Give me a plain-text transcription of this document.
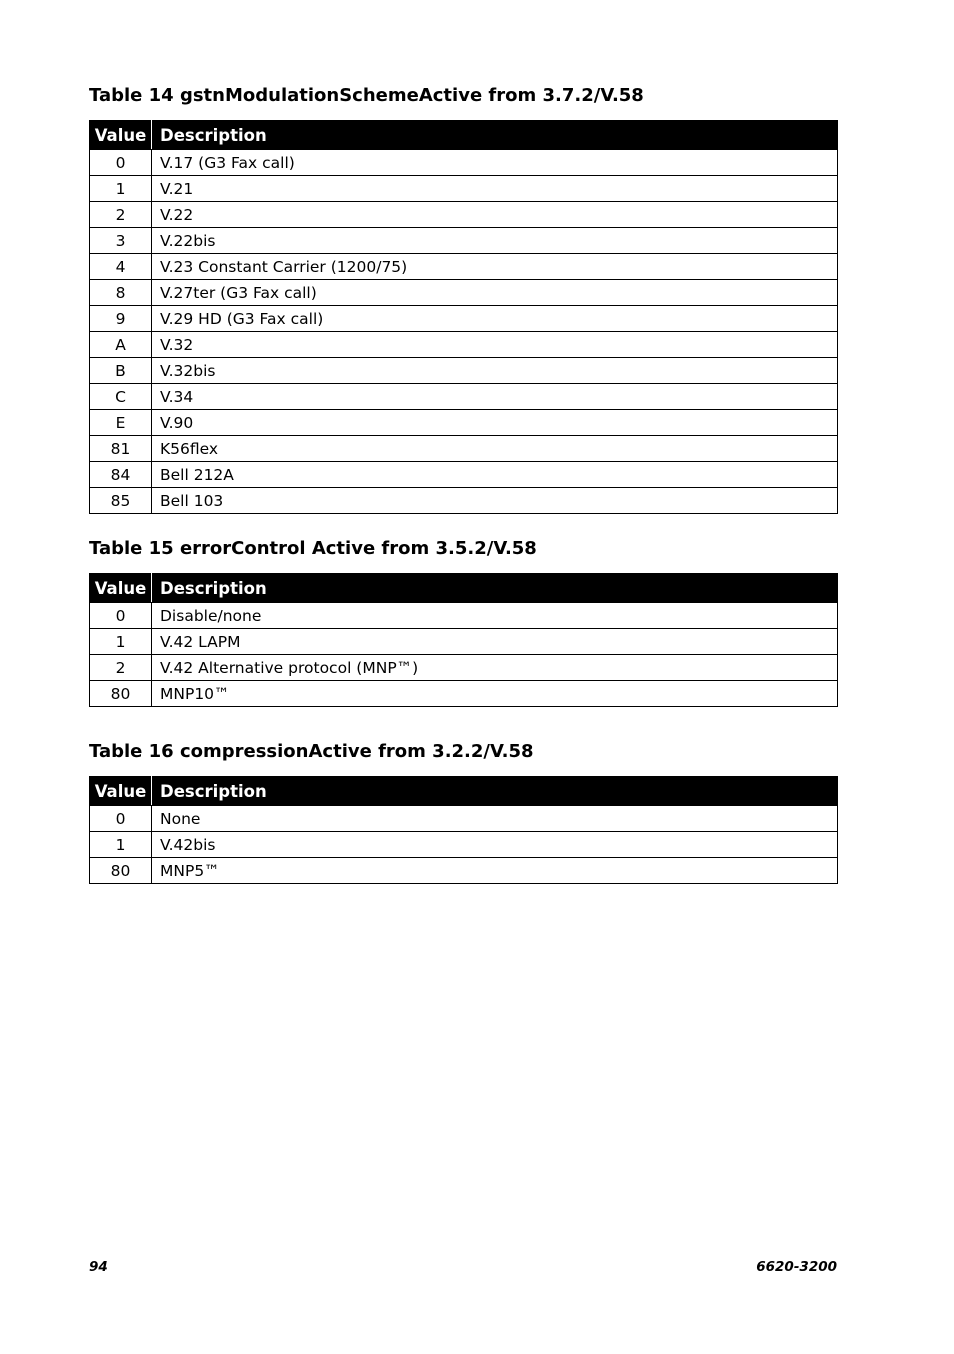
Table 14 gstnModulationSchemeActive from 3.7.2/V.58
Value	Description
0	V.17 (G3 Fax call)
1	V.21
2	V.22
3	V.22bis
4	V.23 Constant Carrier (1200/75)
8	V.27ter (G3 Fax call)
9	V.29 HD (G3 Fax call)
A	V.32
B	V.32bis
C	V.34
E	V.90
81	K56flex
84	Bell 212A
85	Bell 103
Table 15 errorControl Active from 3.5.2/V.58
Value	Description
0	Disable/none
1	V.42 LAPM
2	V.42 Alternative protocol (MNP™)
80	MNP10™
Table 16 compressionActive from 3.2.2/V.58
Value	Description
0	None
1	V.42bis
80	MNP5™
94	6620-3200
